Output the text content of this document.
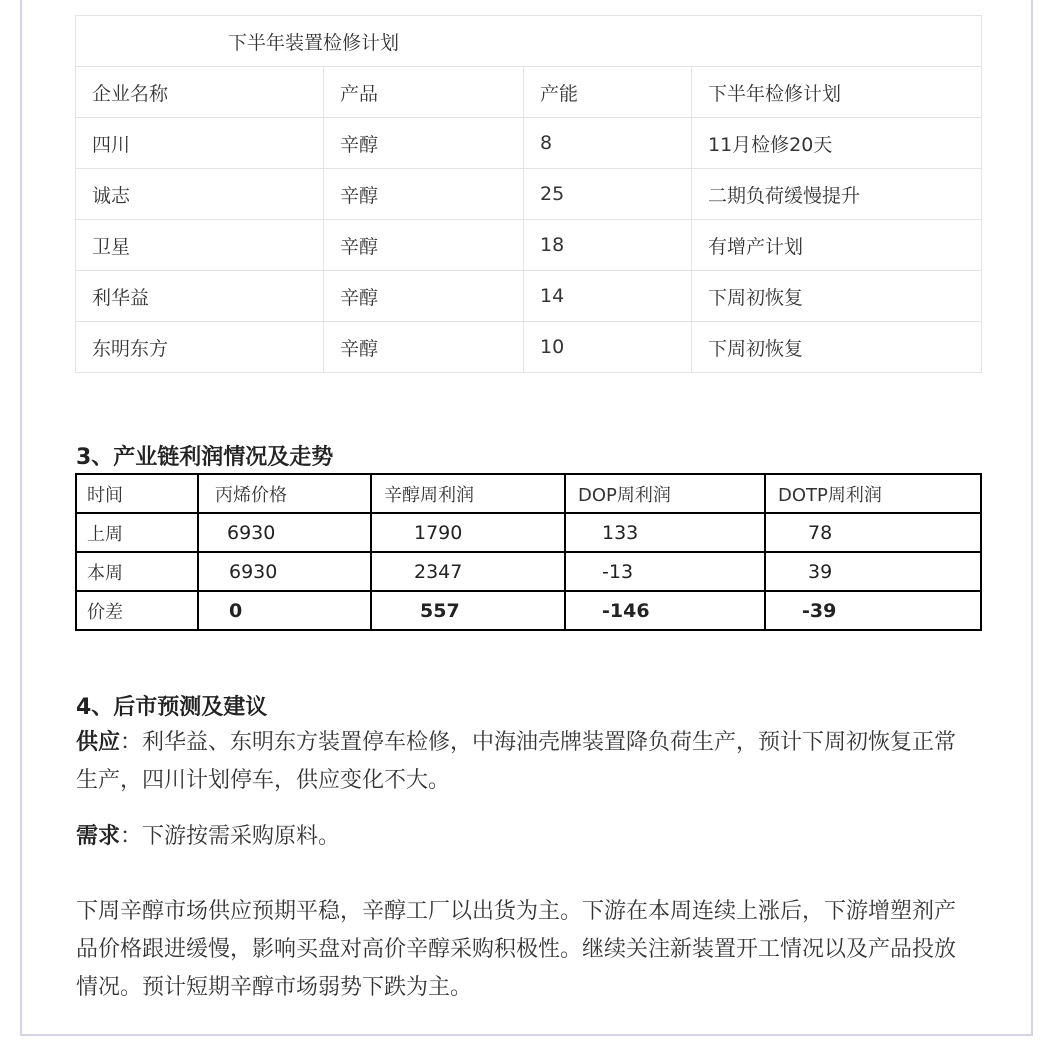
下半年装置检修计划			
企业名称	产品	产能	下半年检修计划
四川	辛醇	8	11月检修20天
诚志	辛醇	25	二期负荷缓慢提升
卫星	辛醇	18	有增产计划
利华益	辛醇	14	下周初恢复
东明东方	辛醇	10	下周初恢复
3、产业链利润情况及走势
时间	丙烯价格	辛醇周利润	DOP周利润	DOTP周利润
上周	6930	1790	133	78
本周	6930	2347	-13	39
价差	0	557	-146	-39
4、后市预测及建议

供应：利华益、东明东方装置停车检修，中海油壳牌装置降负荷生产，预计下周初恢复正常生产，四川计划停车，供应变化不大。

需求：下游按需采购原料。

下周辛醇市场供应预期平稳，辛醇工厂以出货为主。下游在本周连续上涨后，下游增塑剂产品价格跟进缓慢，影响买盘对高价辛醇采购积极性。继续关注新装置开工情况以及产品投放情况。预计短期辛醇市场弱势下跌为主。
